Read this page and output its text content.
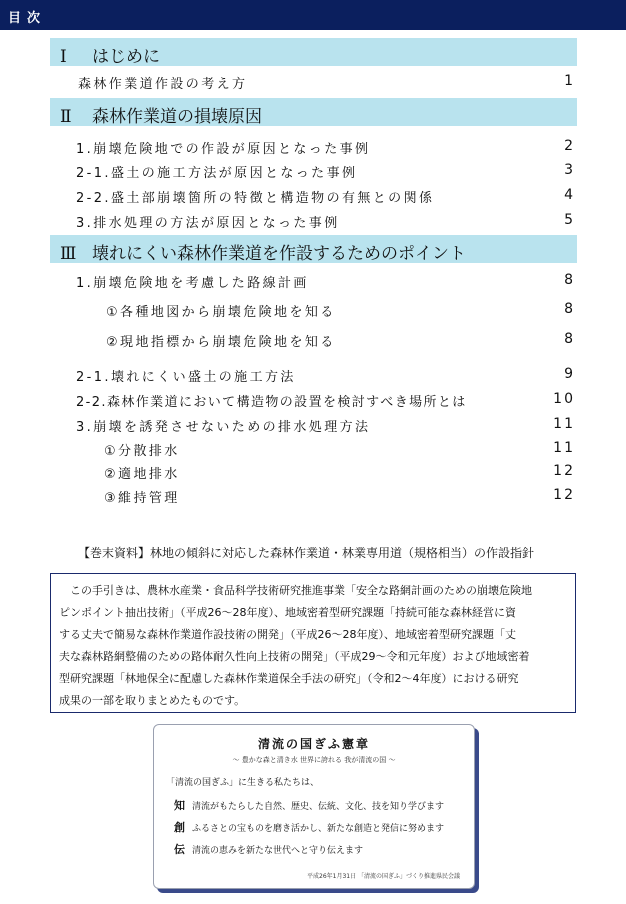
目次
Ⅰ はじめに
森林作業道作設の考え方	1
Ⅱ 森林作業道の損壊原因
1.崩壊危険地での作設が原因となった事例	2
2-1.盛土の施工方法が原因となった事例	3
2-2.盛土部崩壊箇所の特徴と構造物の有無との関係	4
3.排水処理の方法が原因となった事例	5
Ⅲ 壊れにくい森林作業道を作設するためのポイント
1.崩壊危険地を考慮した路線計画	8
①各種地図から崩壊危険地を知る	8
②現地指標から崩壊危険地を知る	8
2-1.壊れにくい盛土の施工方法	9
2-2.森林作業道において構造物の設置を検討すべき場所とは	10
3.崩壊を誘発させないための排水処理方法	11
①分散排水	11
②適地排水	12
③維持管理	12
【巻末資料】林地の傾斜に対応した森林作業道・林業専用道（規格相当）の作設指針
　この手引きは、農林水産業・食品科学技術研究推進事業「安全な路網計画のための崩壊危険地
ピンポイント抽出技術」（平成26～28年度）、地域密着型研究課題「持続可能な森林経営に資
する丈夫で簡易な森林作業道作設技術の開発」（平成26～28年度）、地域密着型研究課題「丈
夫な森林路網整備のための路体耐久性向上技術の開発」（平成29～令和元年度）および地域密着
型研究課題「林地保全に配慮した森林作業道保全手法の研究」（令和2～4年度）における研究
成果の一部を取りまとめたものです。
清流の国ぎふ憲章
～ 豊かな森と清き水 世界に誇れる 我が清流の国 ～
「清流の国ぎふ」に生きる私たちは、
知 清流がもたらした自然、歴史、伝統、文化、技を知り学びます
創 ふるさとの宝ものを磨き活かし、新たな創造と発信に努めます
伝 清流の恵みを新たな世代へと守り伝えます
平成26年1月31日 「清流の国ぎふ」づくり推進県民会議
